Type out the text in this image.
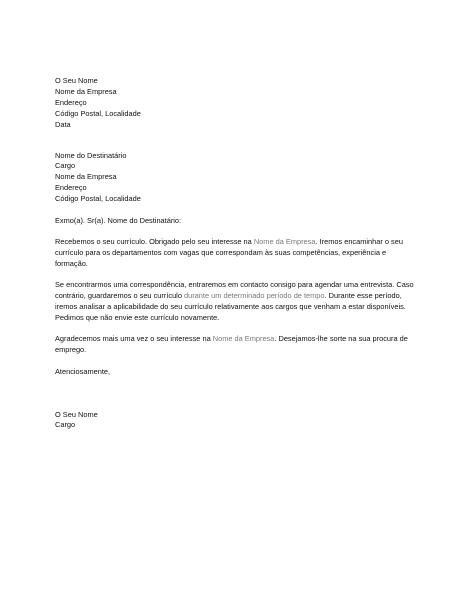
O Seu Nome
Nome da Empresa
Endereço
Código Postal, Localidade
Data
Nome do Destinatário
Cargo
Nome da Empresa
Endereço
Código Postal, Localidade

Exmo(a). Sr(a). Nome do Destinatário:

Recebemos o seu currículo. Obrigado pelo seu interesse na Nome da Empresa. Iremos encaminhar o seu currículo para os departamentos com vagas que correspondam às suas competências, experiência e formação.

Se encontrarmos uma correspondência, entraremos em contacto consigo para agendar uma entrevista. Caso contrário, guardaremos o seu currículo durante um determinado período de tempo. Durante esse período, iremos analisar a aplicabilidade do seu currículo relativamente aos cargos que venham a estar disponíveis. Pedimos que não envie este currículo novamente.

Agradecemos mais uma vez o seu interesse na Nome da Empresa. Desejamos-lhe sorte na sua procura de emprego.

Atenciosamente,

O Seu Nome
Cargo
